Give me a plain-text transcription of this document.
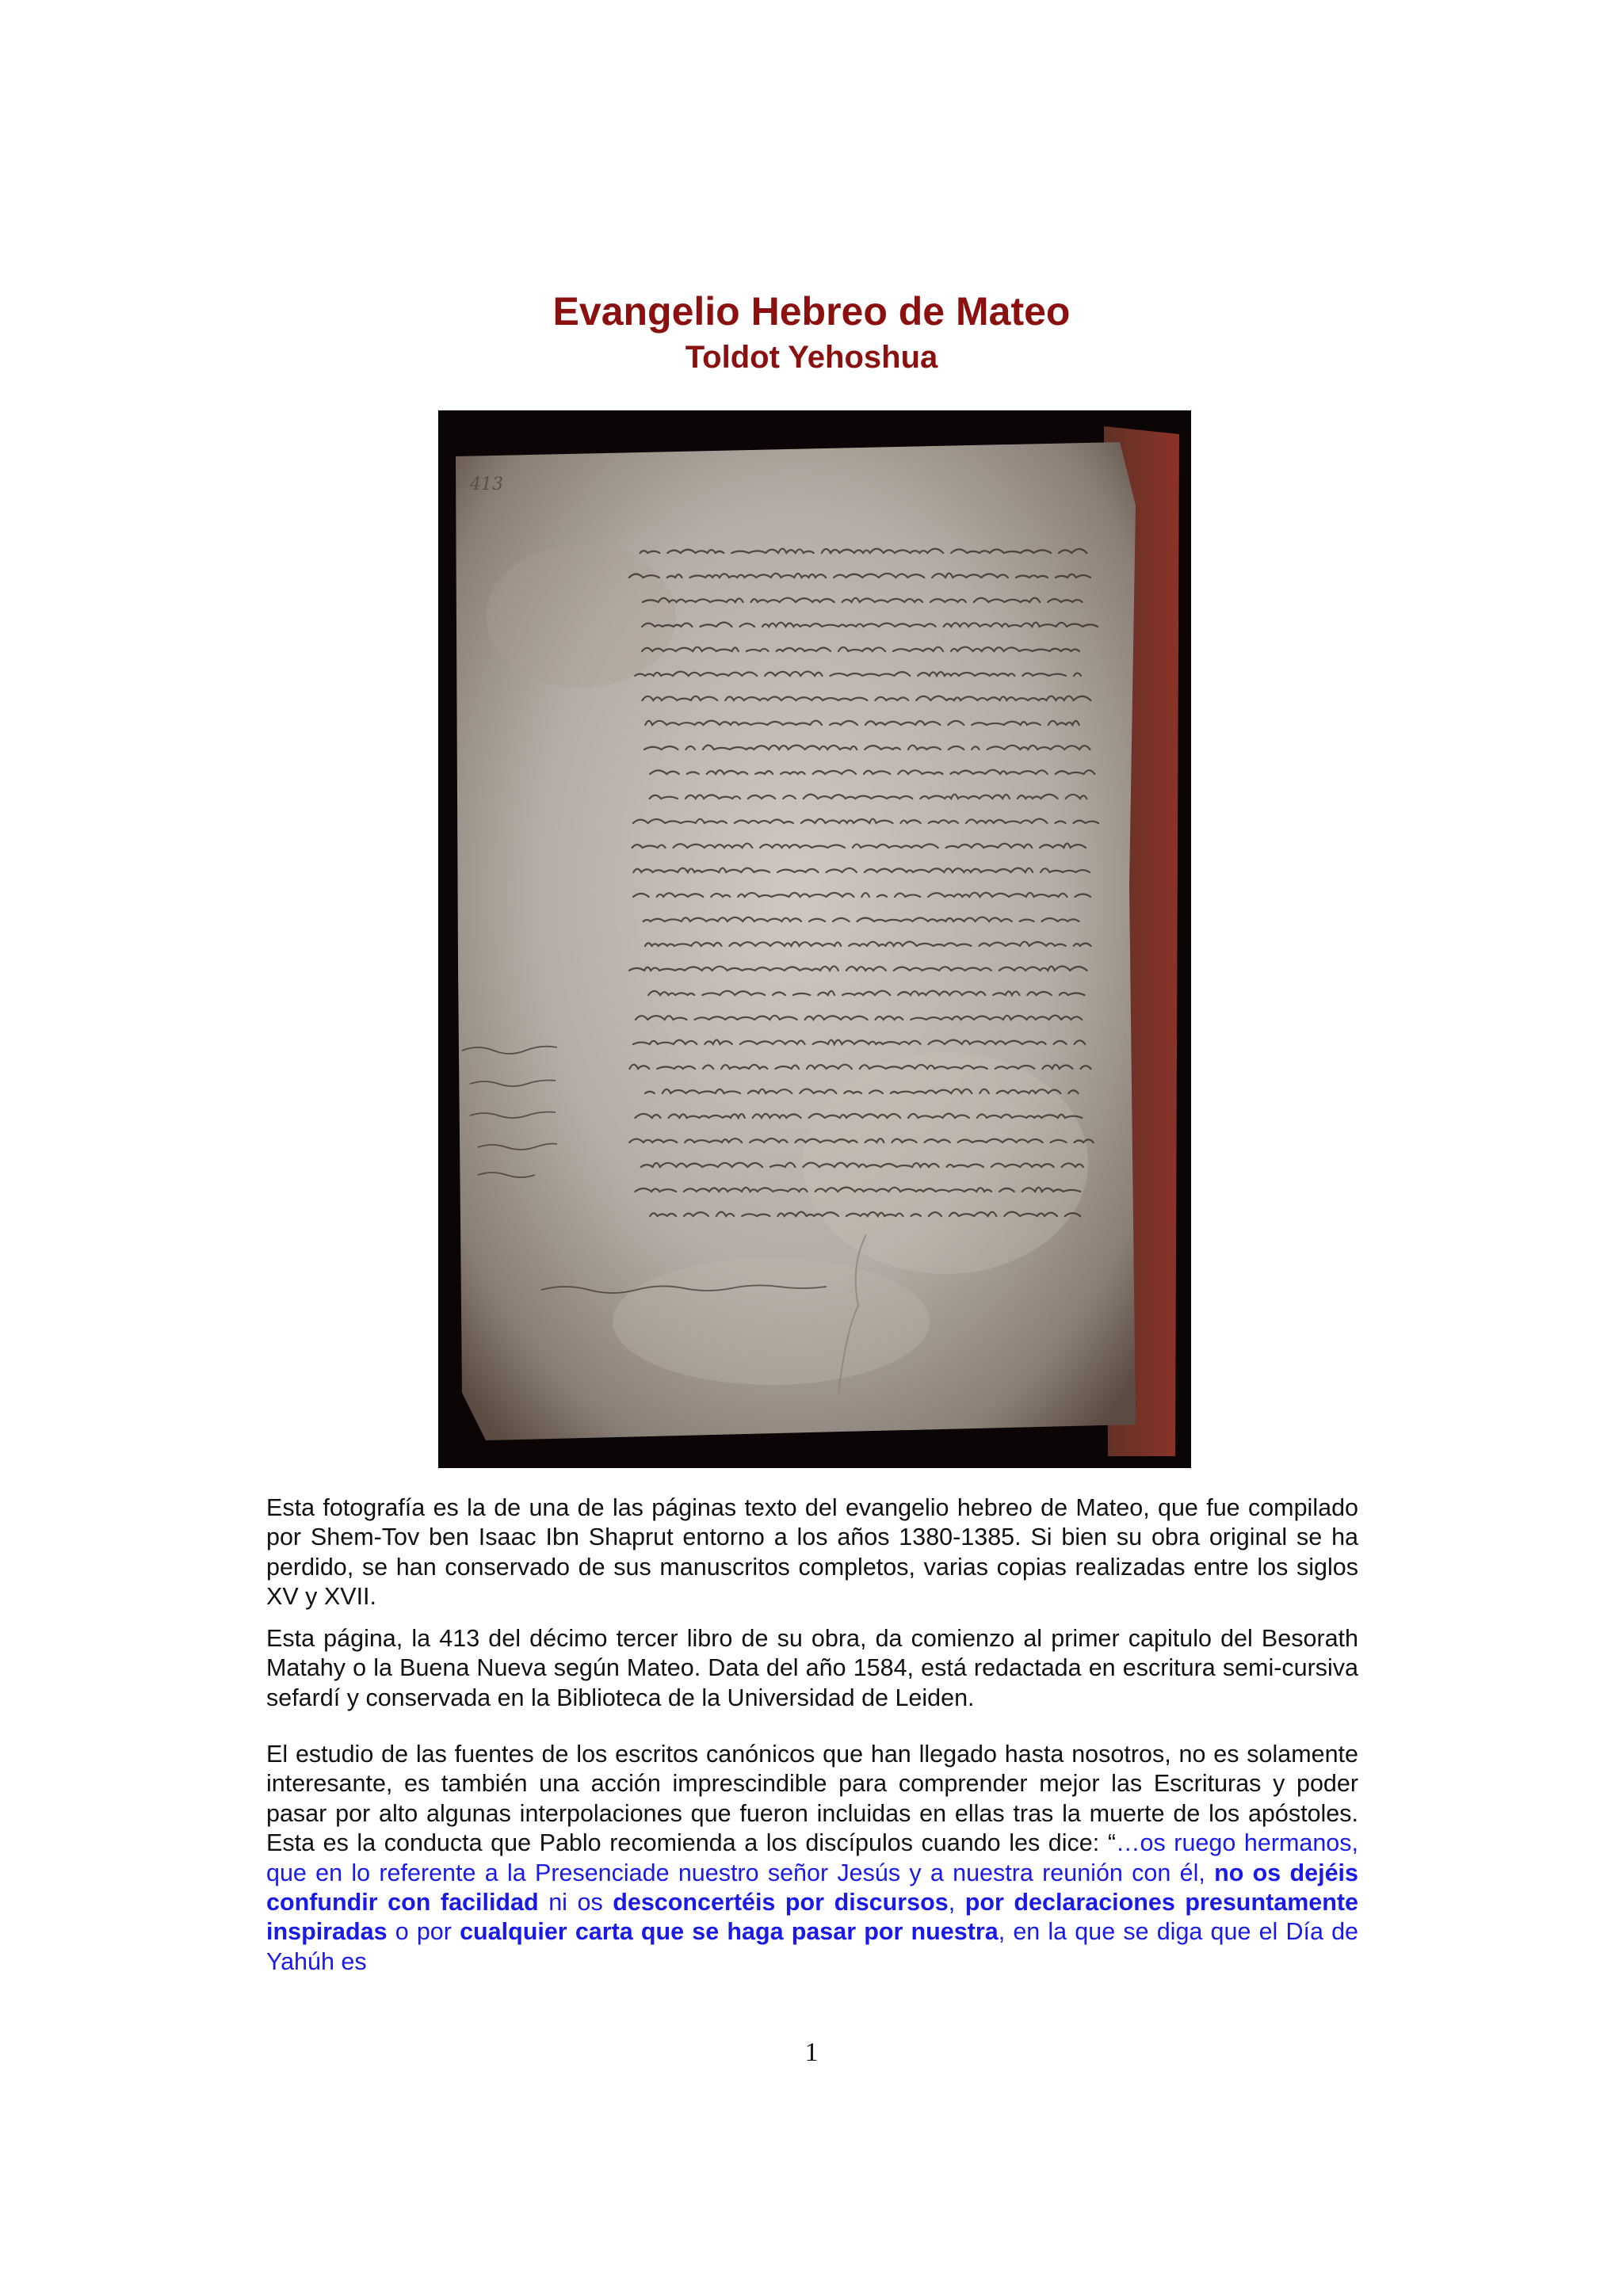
Evangelio Hebreo de Mateo
Toldot Yehoshua
413

Esta fotografía es la de una de las páginas texto del evangelio hebreo de Mateo, que fue compilado por Shem-Tov ben Isaac Ibn Shaprut entorno a los años 1380-1385. Si bien su obra original se ha perdido, se han conservado de sus manuscritos completos, varias copias realizadas entre los siglos XV y XVII.

Esta página, la 413 del décimo tercer libro de su obra, da comienzo al primer capitulo del Besorath Matahy o la Buena Nueva según Mateo. Data del año 1584, está redactada en escritura semi-cursiva sefardí y conservada en la Biblioteca de la Universidad de Leiden.

El estudio de las fuentes de los escritos canónicos que han llegado hasta nosotros, no es solamente interesante, es también una acción imprescindible para comprender mejor las Escrituras y poder pasar por alto algunas interpolaciones que fueron incluidas en ellas tras la muerte de los apóstoles. Esta es la conducta que Pablo recomienda a los discípulos cuando les dice: “…os ruego hermanos, que en lo referente a la Presenciade nuestro señor Jesús y a nuestra reunión con él, no os dejéis confundir con facilidad ni os desconcertéis por discursos, por declaraciones presuntamente inspiradas o por cualquier carta que se haga pasar por nuestra, en la que se diga que el Día de Yahúh es

1
